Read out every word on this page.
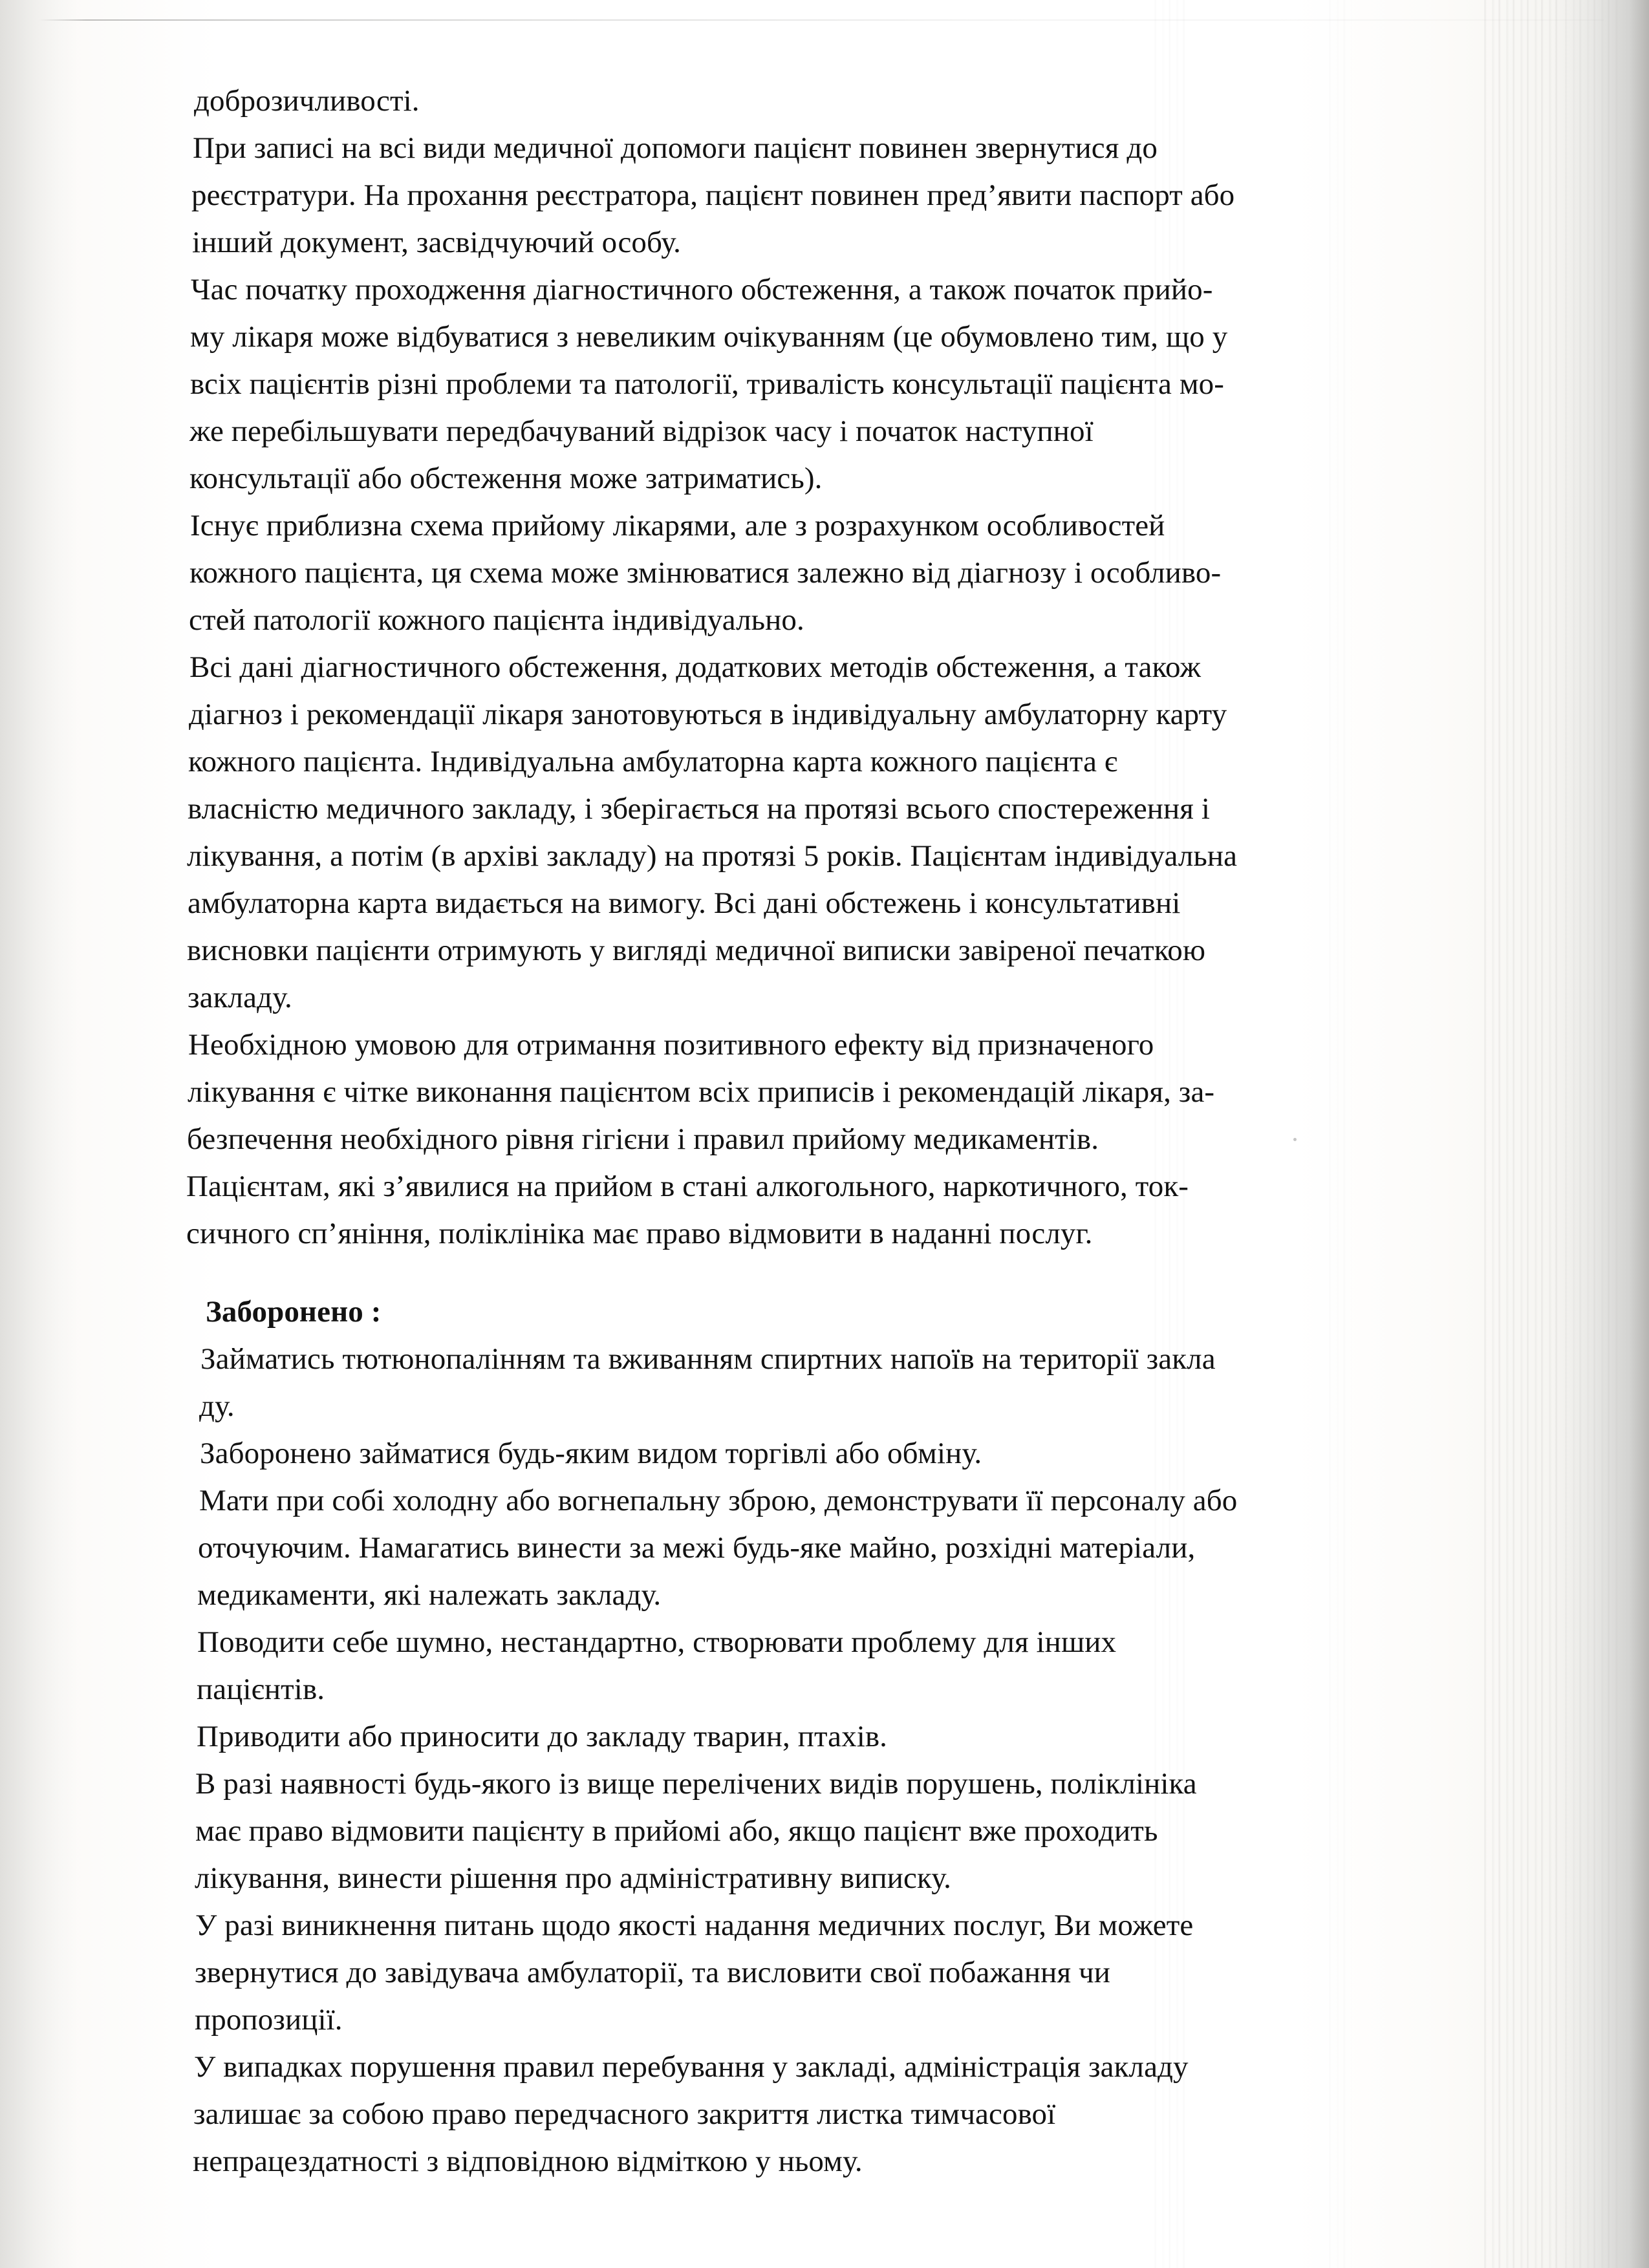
доброзичливості.
При записі на всі види медичної допомоги пацієнт повинен звернутися до
реєстратури. На прохання реєстратора, пацієнт повинен пред’явити паспорт або
інший документ, засвідчуючий особу.
Час початку проходження діагностичного обстеження, а також початок прийо-
му лікаря може відбуватися з невеликим очікуванням (це обумовлено тим, що у
всіх пацієнтів різні проблеми та патології, тривалість консультації пацієнта мо-
же перебільшувати передбачуваний відрізок часу і початок наступної
консультації або обстеження може затриматись).
Існує приблизна схема прийому лікарями, але з розрахунком особливостей
кожного пацієнта, ця схема може змінюватися залежно від діагнозу і особливо-
стей патології кожного пацієнта індивідуально.
Всі дані діагностичного обстеження, додаткових методів обстеження, а також
діагноз і рекомендації лікаря занотовуються в індивідуальну амбулаторну карту
кожного пацієнта. Індивідуальна амбулаторна карта кожного пацієнта є
власністю медичного закладу, і зберігається на протязі всього спостереження і
лікування, а потім (в архіві закладу) на протязі 5 років. Пацієнтам індивідуальна
амбулаторна карта видається на вимогу. Всі дані обстежень і консультативні
висновки пацієнти отримують у вигляді медичної виписки завіреної печаткою
закладу.
Необхідною умовою для отримання позитивного ефекту від призначеного
лікування є чітке виконання пацієнтом всіх приписів і рекомендацій лікаря, за-
безпечення необхідного рівня гігієни і правил прийому медикаментів.
Пацієнтам, які з’явилися на прийом в стані алкогольного, наркотичного, ток-
сичного сп’яніння, поліклініка має право відмовити в наданні послуг.
Заборонено :
Займатись тютюнопалінням та вживанням спиртних напоїв на території закла
ду.
Заборонено займатися будь-яким видом торгівлі або обміну.
Мати при собі холодну або вогнепальну зброю, демонструвати її персоналу або
оточуючим. Намагатись винести за межі будь-яке майно, розхідні матеріали,
медикаменти, які належать закладу.
Поводити себе шумно, нестандартно, створювати проблему для інших
пацієнтів.
Приводити або приносити до закладу тварин, птахів.
В разі наявності будь-якого із вище перелічених видів порушень, поліклініка
має право відмовити пацієнту в прийомі або, якщо пацієнт вже проходить
лікування, винести рішення про адміністративну виписку.
У разі виникнення питань щодо якості надання медичних послуг, Ви можете
звернутися до завідувача амбулаторії, та висловити свої побажання чи
пропозиції.
У випадках порушення правил перебування у закладі, адміністрація закладу
залишає за собою право передчасного закриття листка тимчасової
непрацездатності з відповідною відміткою у ньому.
